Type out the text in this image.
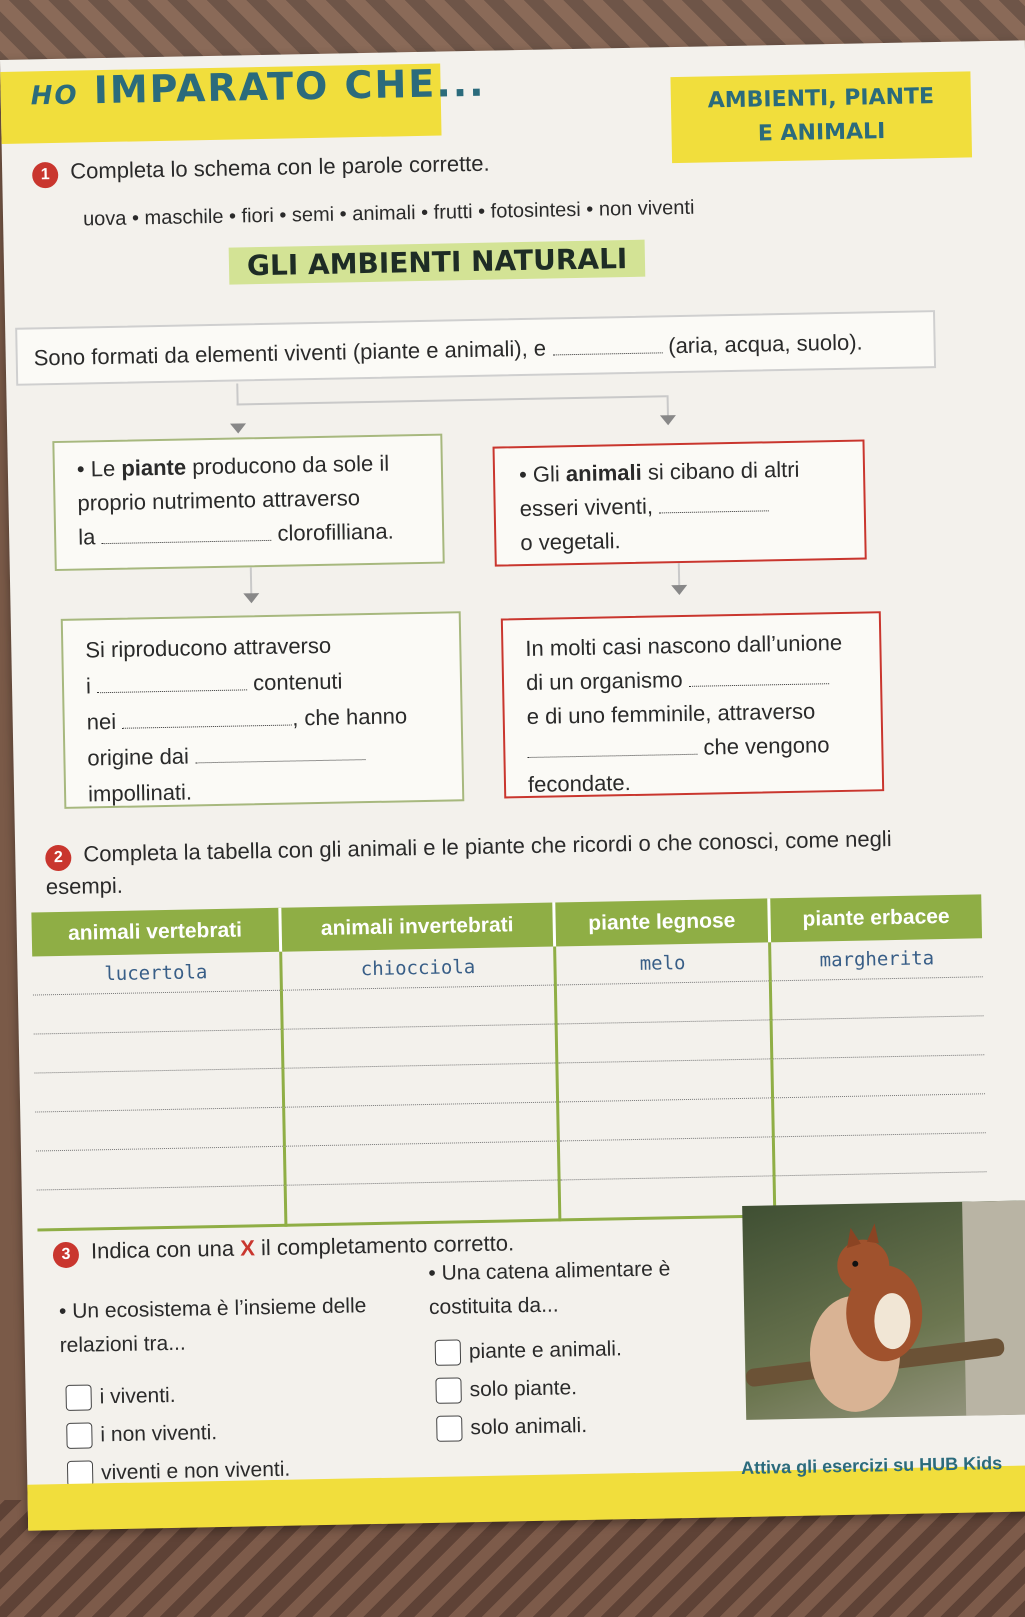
HO IMPARATO CHE...	AMBIENTI, PIANTE
E ANIMALI
1 Completa lo schema con le parole corrette.
uova • maschile • fiori • semi • animali • frutti • fotosintesi • non viventi
GLI AMBIENTI NATURALI
Sono formati da elementi viventi (piante e animali), e	(aria, acqua, suolo).
• Le piante producono da sole il proprio nutrimento attraverso
la	clorofilliana.
• Gli animali si cibano di altri esseri viventi,
o vegetali.
Si riproducono attraverso
i	contenuti
nei	, che hanno
origine dai
impollinati.
In molti casi nascono dall’unione
di un organismo
e di uno femminile, attraverso
che vengono
fecondate.
2 Completa la tabella con gli animali e le piante che ricordi o che conosci, come negli esempi.
animali vertebrati	animali invertebrati	piante legnose	piante erbacee
lucertola	chiocciola	melo	margherita

3 Indica con una X il completamento corretto.
• Un ecosistema è l’insieme delle relazioni tra...
i viventi.
i non viventi.
viventi e non viventi.
• Una catena alimentare è costituita da...
piante e animali.
solo piante.
solo animali.
Attiva gli esercizi su HUB Kids
